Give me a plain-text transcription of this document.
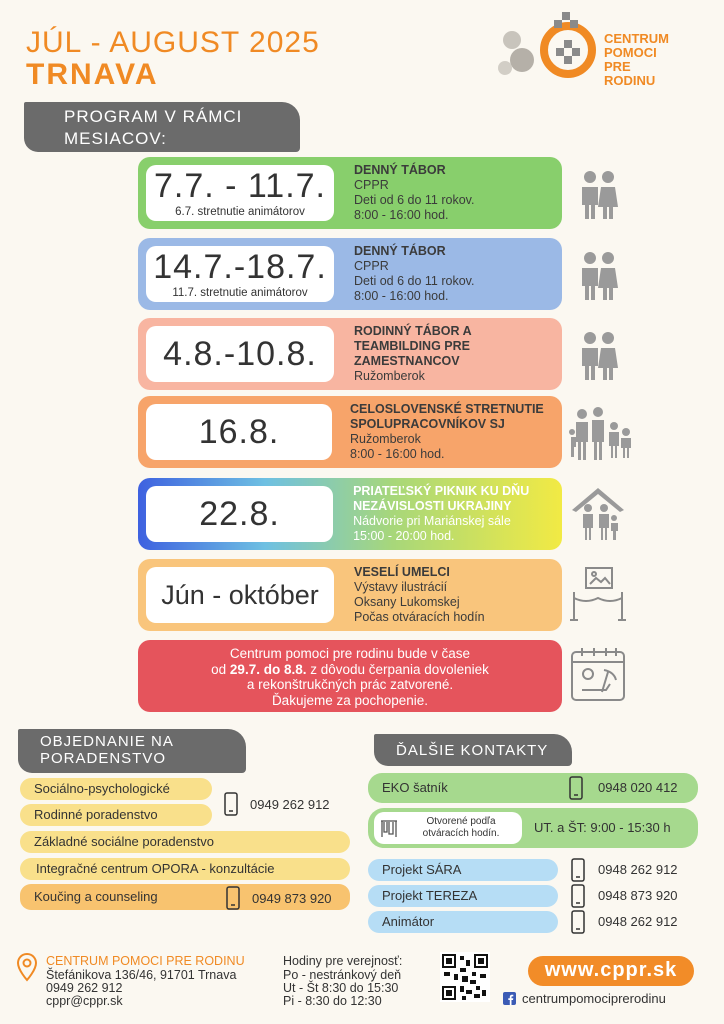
JÚL - AUGUST 2025
TRNAVA
CENTRUM
POMOCI
PRE
RODINU
PROGRAM V RÁMCI
MESIACOV:
7.7. - 11.7.
6.7. stretnutie animátorov
DENNÝ TÁBOR
CPPR
Deti od 6 do 11 rokov.
8:00 - 16:00 hod.
14.7.-18.7.
11.7. stretnutie animátorov
DENNÝ TÁBOR
CPPR
Deti od 6 do 11 rokov.
8:00 - 16:00 hod.
4.8.-10.8.
RODINNÝ TÁBOR A TEAMBILDING PRE ZAMESTNANCOV
Ružomberok
16.8.
CELOSLOVENSKÉ STRETNUTIE SPOLUPRACOVNÍKOV SJ
Ružomberok
8:00 - 16:00 hod.
22.8.
PRIATEĽSKÝ PIKNIK KU DŇU NEZÁVISLOSTI UKRAJINY
Nádvorie pri Mariánskej sále
15:00 - 20:00 hod.
Jún - október
VESELÍ UMELCI
Výstavy ilustrácií
Oksany Lukomskej
Počas otváracích hodín
Centrum pomoci pre rodinu bude v čase
od 29.7. do 8.8. z dôvodu čerpania dovoleniek
a rekonštrukčných prác zatvorené.
Ďakujeme za pochopenie.
OBJEDNANIE NA
PORADENSTVO
Sociálno-psychologické
Rodinné poradenstvo
0949 262 912
Základné sociálne poradenstvo
Integračné centrum OPORA - konzultácie
Koučing a counseling	0949 873 920
ĎALŠIE KONTAKTY
EKO šatník	0948 020 412
Otvorené podľa
otváracích hodín.	UT. a ŠT: 9:00 - 15:30 h
Projekt SÁRA	0948 262 912
Projekt TEREZA	0948 873 920
Animátor	0948 262 912
CENTRUM POMOCI PRE RODINU
Štefánikova 136/46, 91701 Trnava
0949 262 912
cppr@cppr.sk
Hodiny pre verejnosť:
Po - nestránkový deň
Ut - Št 8:30 do 15:30
Pi - 8:30 do 12:30
www.cppr.sk
centrumpomociprerodinu
